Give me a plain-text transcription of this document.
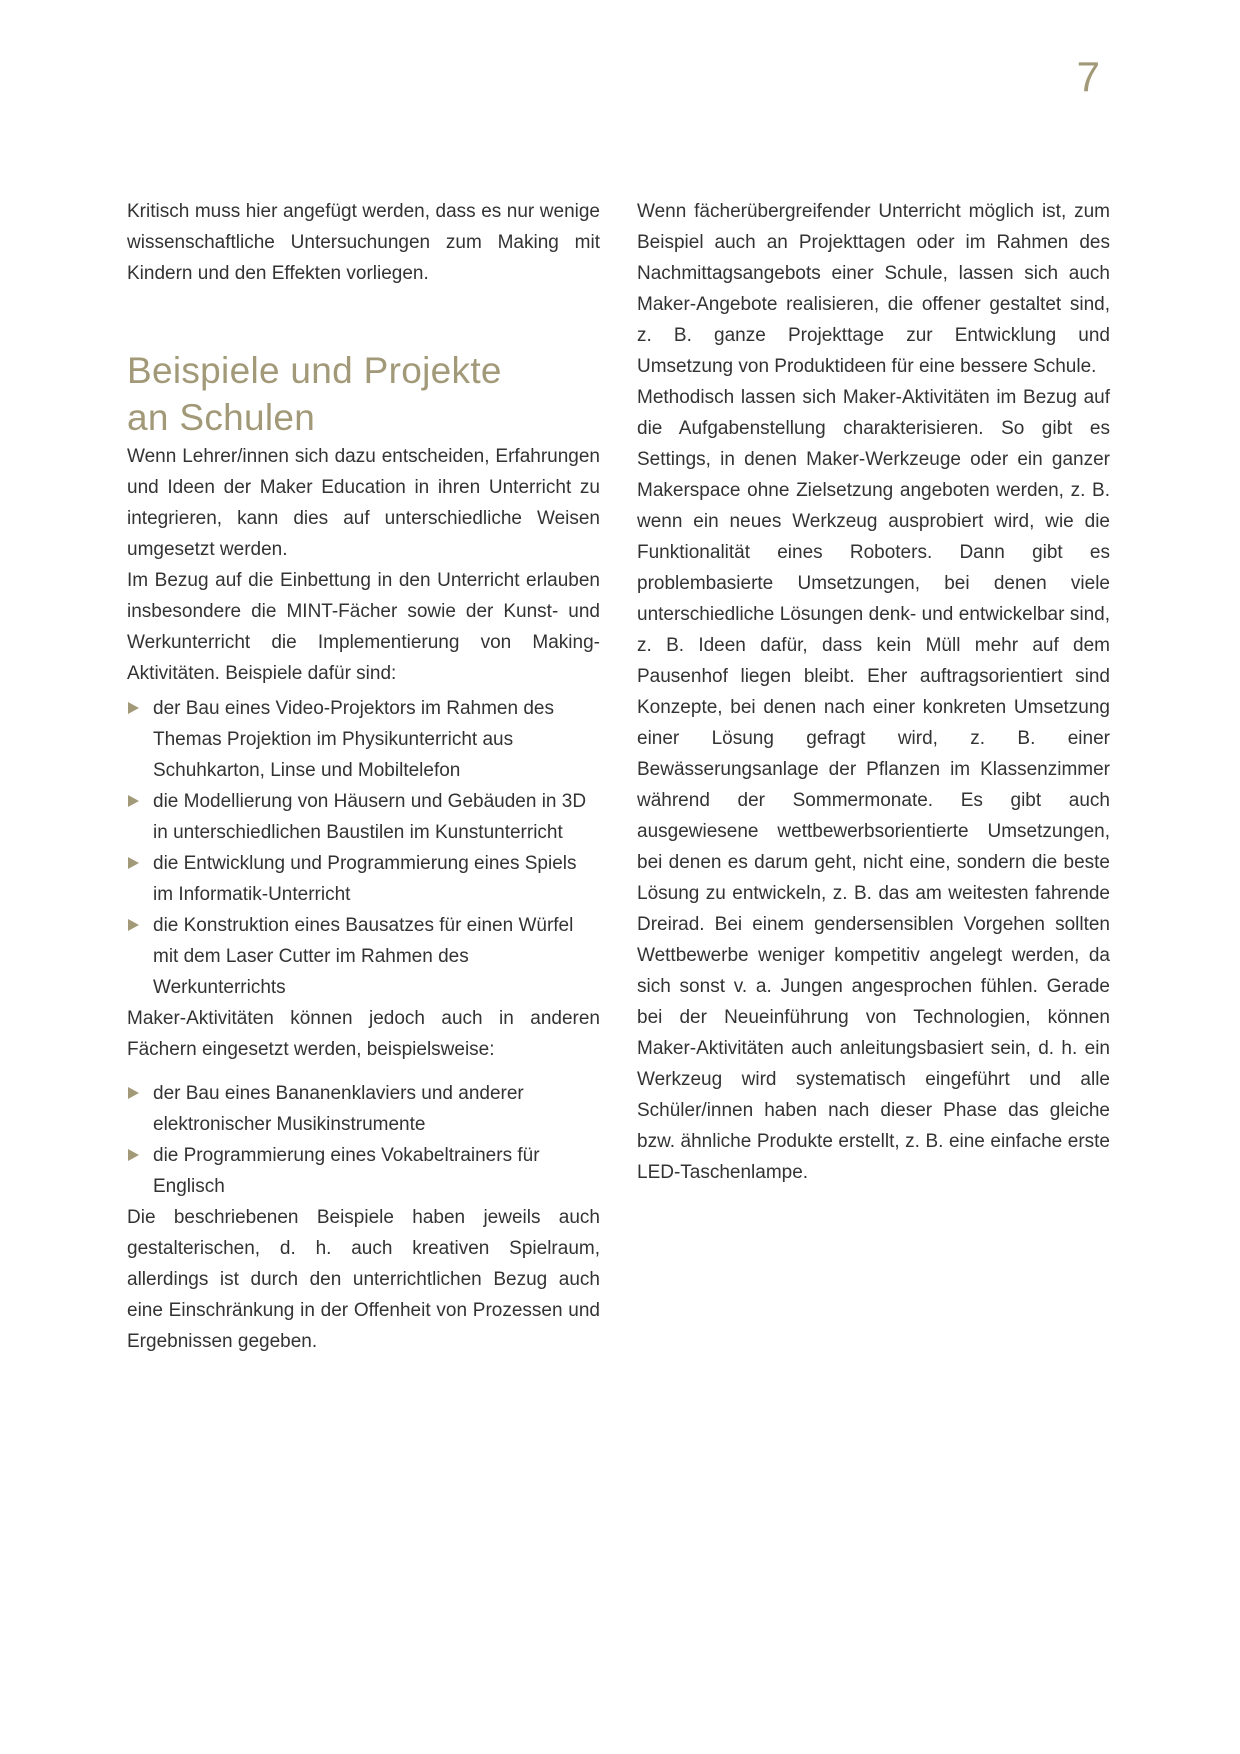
7

Kritisch muss hier angefügt werden, dass es nur wenige wissenschaftliche Untersuchungen zum Making mit Kindern und den Effekten vorliegen.

Beispiele und Projekte
an Schulen

Wenn Lehrer/innen sich dazu entscheiden, Erfahrungen und Ideen der Maker Education in ihren Unterricht zu integrieren, kann dies auf unterschiedliche Weisen umgesetzt werden.

Im Bezug auf die Einbettung in den Unterricht erlauben insbesondere die MINT-Fächer sowie der Kunst- und Werkunterricht die Implementierung von Making-Aktivitäten. Beispiele dafür sind:

der Bau eines Video-Projektors im Rahmen des Themas Projektion im Physikunterricht aus Schuhkarton, Linse und Mobiltelefon
die Modellierung von Häusern und Gebäuden in 3D in unterschiedlichen Baustilen im Kunstunterricht
die Entwicklung und Programmierung eines Spiels im Informatik-Unterricht
die Konstruktion eines Bausatzes für einen Würfel mit dem Laser Cutter im Rahmen des Werkunterrichts

Maker-Aktivitäten können jedoch auch in anderen Fächern eingesetzt werden, beispielsweise:

der Bau eines Bananenklaviers und anderer elektronischer Musikinstrumente
die Programmierung eines Vokabeltrainers für Englisch

Die beschriebenen Beispiele haben jeweils auch gestalterischen, d. h. auch kreativen Spielraum, allerdings ist durch den unterrichtlichen Bezug auch eine Einschränkung in der Offenheit von Prozessen und Ergebnissen gegeben.

Wenn fächerübergreifender Unterricht möglich ist, zum Beispiel auch an Projekttagen oder im Rahmen des Nachmittagsangebots einer Schule, lassen sich auch Maker-Angebote realisieren, die offener gestaltet sind, z. B. ganze Projekttage zur Entwicklung und Umsetzung von Produktideen für eine bessere Schule.

Methodisch lassen sich Maker-Aktivitäten im Bezug auf die Aufgabenstellung charakterisieren. So gibt es Settings, in denen Maker-Werkzeuge oder ein ganzer Makerspace ohne Zielsetzung angeboten werden, z. B. wenn ein neues Werkzeug ausprobiert wird, wie die Funktionalität eines Roboters. Dann gibt es problembasierte Umsetzungen, bei denen viele unterschiedliche Lösungen denk- und entwickelbar sind, z. B. Ideen dafür, dass kein Müll mehr auf dem Pausenhof liegen bleibt. Eher auftragsorientiert sind Konzepte, bei denen nach einer konkreten Umsetzung einer Lösung gefragt wird, z. B. einer Bewässerungsanlage der Pflanzen im Klassenzimmer während der Sommermonate. Es gibt auch ausgewiesene wettbewerbsorientierte Umsetzungen, bei denen es darum geht, nicht eine, sondern die beste Lösung zu entwickeln, z. B. das am weitesten fahrende Dreirad. Bei einem gendersensiblen Vorgehen sollten Wettbewerbe weniger kompetitiv angelegt werden, da sich sonst v. a. Jungen angesprochen fühlen. Gerade bei der Neueinführung von Technologien, können Maker-Aktivitäten auch anleitungsbasiert sein, d. h. ein Werkzeug wird systematisch eingeführt und alle Schüler/innen haben nach dieser Phase das gleiche bzw. ähnliche Produkte erstellt, z. B. eine einfache erste LED-Taschenlampe.
